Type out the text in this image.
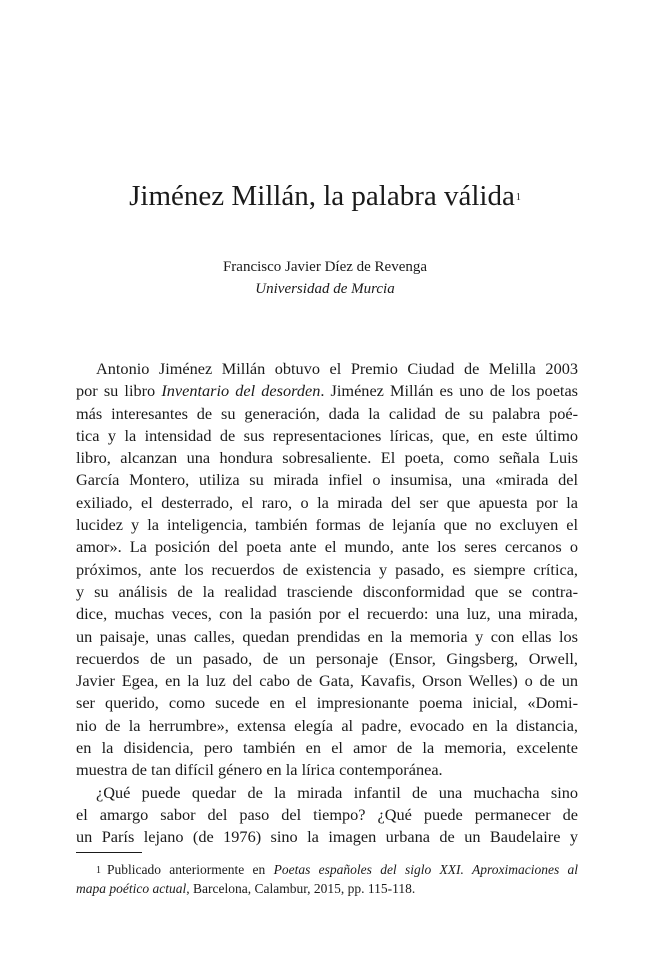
Jiménez Millán, la palabra válida$^1$
Francisco Javier Díez de Revenga
Universidad de Murcia
Antonio Jiménez Millán obtuvo el Premio Ciudad de Melilla 2003
por su libro Inventario del desorden. Jiménez Millán es uno de los poetas
más interesantes de su generación, dada la calidad de su palabra poé-
tica y la intensidad de sus representaciones líricas, que, en este último
libro, alcanzan una hondura sobresaliente. El poeta, como señala Luis
García Montero, utiliza su mirada infiel o insumisa, una «mirada del
exiliado, el desterrado, el raro, o la mirada del ser que apuesta por la
lucidez y la inteligencia, también formas de lejanía que no excluyen el
amor». La posición del poeta ante el mundo, ante los seres cercanos o
próximos, ante los recuerdos de existencia y pasado, es siempre crítica,
y su análisis de la realidad trasciende disconformidad que se contra-
dice, muchas veces, con la pasión por el recuerdo: una luz, una mirada,
un paisaje, unas calles, quedan prendidas en la memoria y con ellas los
recuerdos de un pasado, de un personaje (Ensor, Gingsberg, Orwell,
Javier Egea, en la luz del cabo de Gata, Kavafis, Orson Welles) o de un
ser querido, como sucede en el impresionante poema inicial, «Domi-
nio de la herrumbre», extensa elegía al padre, evocado en la distancia,
en la disidencia, pero también en el amor de la memoria, excelente
muestra de tan difícil género en la lírica contemporánea.
¿Qué puede quedar de la mirada infantil de una muchacha sino
el amargo sabor del paso del tiempo? ¿Qué puede permanecer de
un París lejano (de 1976) sino la imagen urbana de un Baudelaire y
$^1$ Publicado anteriormente en Poetas españoles del siglo XXI. Aproximaciones al
mapa poético actual, Barcelona, Calambur, 2015, pp. 115-118.
